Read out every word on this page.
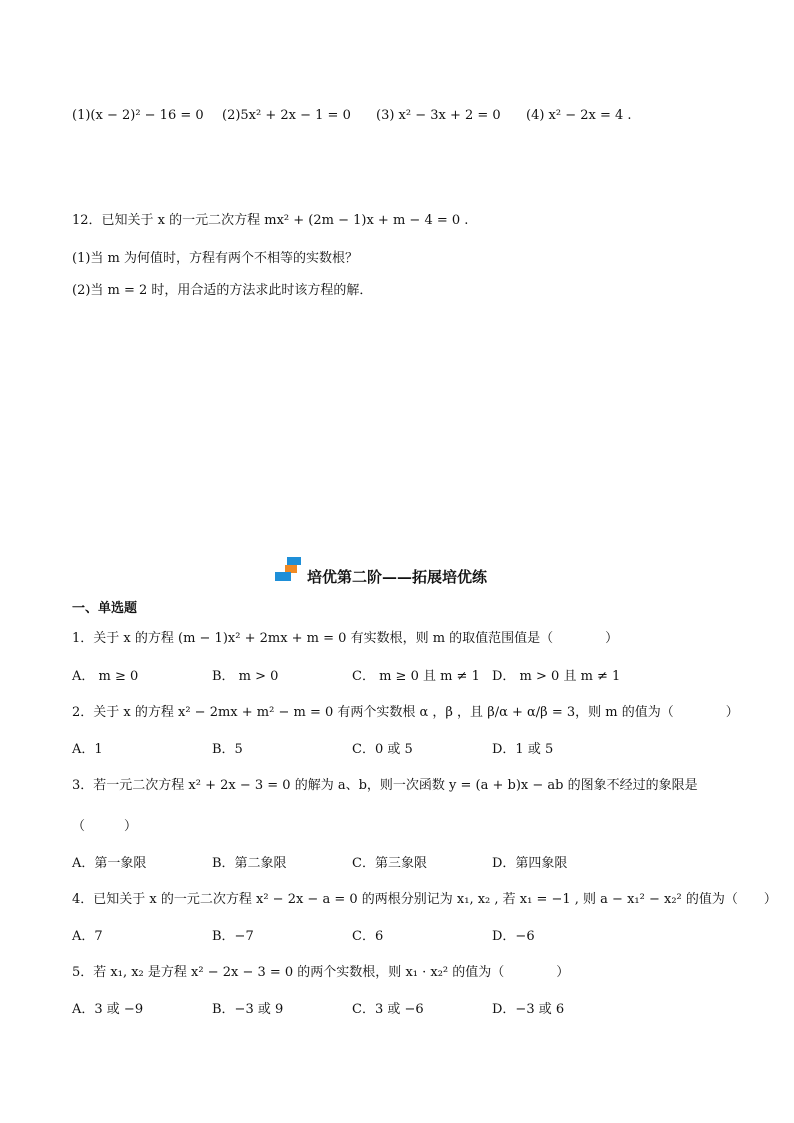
(1)(x − 2)² − 16 = 0 (2)5x² + 2x − 1 = 0 (3) x² − 3x + 2 = 0 (4) x² − 2x = 4 .
12．已知关于 x 的一元二次方程 mx² + (2m − 1)x + m − 4 = 0 .
(1)当 m 为何值时，方程有两个不相等的实数根？
(2)当 m = 2 时，用合适的方法求此时该方程的解．
培优第二阶——拓展培优练
一、单选题
1．关于 x 的方程 (m − 1)x² + 2mx + m = 0 有实数根，则 m 的取值范围值是（　　　　）
A． m ≥ 0	B． m > 0	C． m ≥ 0 且 m ≠ 1 D． m > 0 且 m ≠ 1
2．关于 x 的方程 x² − 2mx + m² − m = 0 有两个实数根 α ，β ，且 β/α + α/β = 3，则 m 的值为（　　　　）
A．1	B．5	C．0 或 5	D．1 或 5
3．若一元二次方程 x² + 2x − 3 = 0 的解为 a、b，则一次函数 y = (a + b)x − ab 的图象不经过的象限是
（　　　）
A．第一象限	B．第二象限	C．第三象限	D．第四象限
4．已知关于 x 的一元二次方程 x² − 2x − a = 0 的两根分别记为 x₁, x₂ , 若 x₁ = −1 , 则 a − x₁² − x₂² 的值为（　　）
A．7	B．−7	C．6	D．−6
5．若 x₁, x₂ 是方程 x² − 2x − 3 = 0 的两个实数根，则 x₁ · x₂² 的值为（　　　　）
A．3 或 −9	B．−3 或 9	C．3 或 −6	D．−3 或 6
